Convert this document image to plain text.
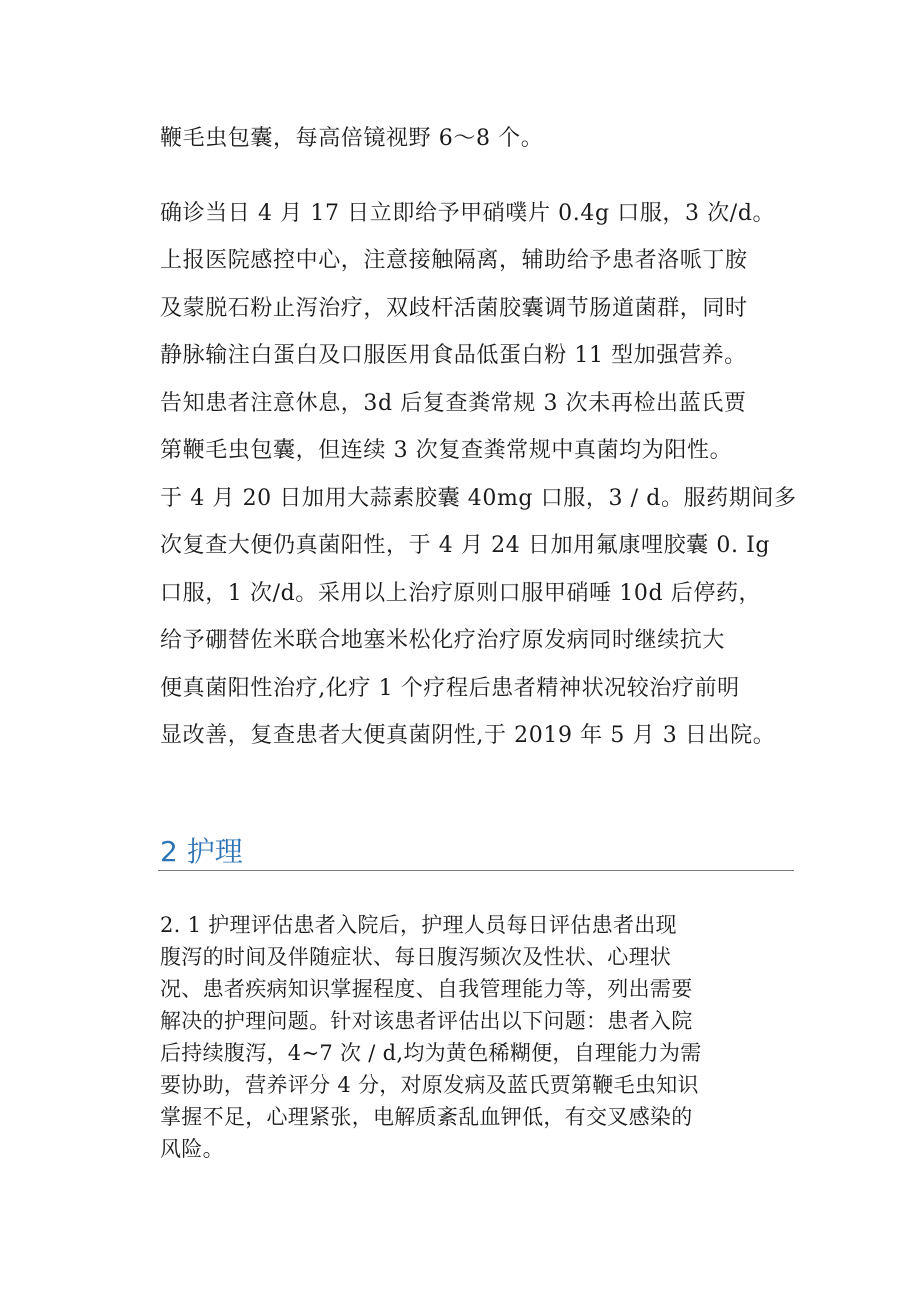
鞭毛虫包囊，每高倍镜视野 6～8 个。
确诊当日 4 月 17 日立即给予甲硝噗片 0.4g 口服，3 次/d。
上报医院感控中心，注意接触隔离，辅助给予患者洛哌丁胺
及蒙脱石粉止泻治疗，双歧杆活菌胶囊调节肠道菌群，同时
静脉输注白蛋白及口服医用食品低蛋白粉 11 型加强营养。
告知患者注意休息，3d 后复查粪常规 3 次未再检出蓝氏贾
第鞭毛虫包囊，但连续 3 次复查粪常规中真菌均为阳性。
于 4 月 20 日加用大蒜素胶囊 40mg 口服，3 / d。服药期间多
次复查大便仍真菌阳性，于 4 月 24 日加用氟康哩胶囊 0. Ig
口服，1 次/d。采用以上治疗原则口服甲硝唾 10d 后停药，
给予硼替佐米联合地塞米松化疗治疗原发病同时继续抗大
便真菌阳性治疗,化疗 1 个疗程后患者精神状况较治疗前明
显改善，复查患者大便真菌阴性,于 2019 年 5 月 3 日出院。
2 护理
2. 1 护理评估患者入院后，护理人员每日评估患者出现
腹泻的时间及伴随症状、每日腹泻频次及性状、心理状
况、患者疾病知识掌握程度、自我管理能力等，列出需要
解决的护理问题。针对该患者评估出以下问题：患者入院
后持续腹泻，4~7 次 / d,均为黄色稀糊便，自理能力为需
要协助，营养评分 4 分，对原发病及蓝氏贾第鞭毛虫知识
掌握不足，心理紧张，电解质紊乱血钾低，有交叉感染的
风险。
